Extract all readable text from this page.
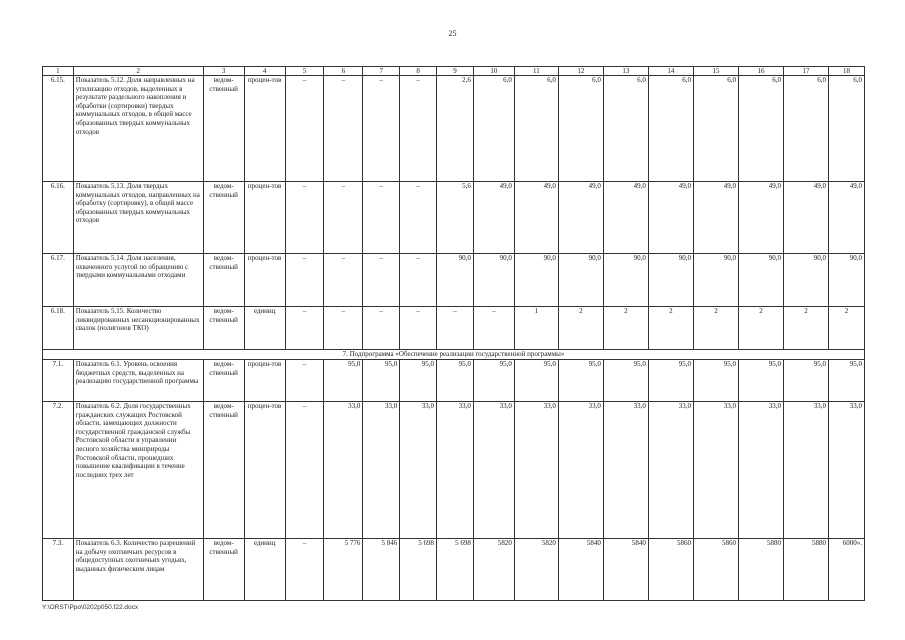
25
1	2	3	4	5	6	7	8	9	10	11	12	13	14	15	16	17	18
6.15.	Показатель 5.12. Доля направленных на утилизацию отходов, выделенных в результате раздельного накопления и обработки (сортировки) твердых коммунальных отходов, в общей массе образованных твердых коммунальных отходов	ведом-ственный	процен-тов	–	–	–	–	2,6	6,0	6,0	6,0	6,0	6,0	6,0	6,0	6,0	6,0
6.16.	Показатель 5.13. Доля твердых коммунальных отходов, направленных на обработку (сортировку), в общей массе образованных твердых коммунальных отходов	ведом-ственный	процен-тов	–	–	–	–	5,6	49,0	49,0	49,0	49,0	49,0	49,0	49,0	49,0	49,0
6.17.	Показатель 5.14. Доля населения, охваченного услугой по обращению с твердыми коммунальными отходами	ведом-ственный	процен-тов	–	–	–	–	90,0	90,0	90,0	90,0	90,0	90,0	90,0	90,0	90,0	90,0
6.18.	Показатель 5.15. Количество ликвидированных несанкционированных свалок (полигонов ТКО)	ведом-ственный	единиц	–	–	–	–	–	–	1	2	2	2	2	2	2	2
7. Подпрограмма «Обеспечение реализации государственной программы»																	
7.1.	Показатель 6.1. Уровень освоения бюджетных средств, выделенных на реализацию государственной программы	ведом-ственный	процен-тов	–	95,0	95,0	95,0	95,0	95,0	95,0	95,0	95,0	95,0	95,0	95,0	95,0	95,0
7.2.	Показатель 6.2. Доля государственных гражданских служащих Ростовской области, замещающих должности государственной гражданской службы Ростовской области в управлении лесного хозяйства минприроды Ростовской области, прошедших повышение квалификации в течение последних трех лет	ведом-ственный	процен-тов	–	33,0	33,0	33,0	33,0	33,0	33,0	33,0	33,0	33,0	33,0	33,0	33,0	33,0
7.3.	Показатель 6.3. Количество разрешений на добычу охотничьих ресурсов в общедоступных охотничьих угодьях, выданных физическим лицам	ведом-ственный	единиц	–	5 776	5 846	5 698	5 698	5820	5820	5840	5840	5860	5860	5880	5880	6000».
Y:\ORST\Ppo\0202p050.f22.docx
